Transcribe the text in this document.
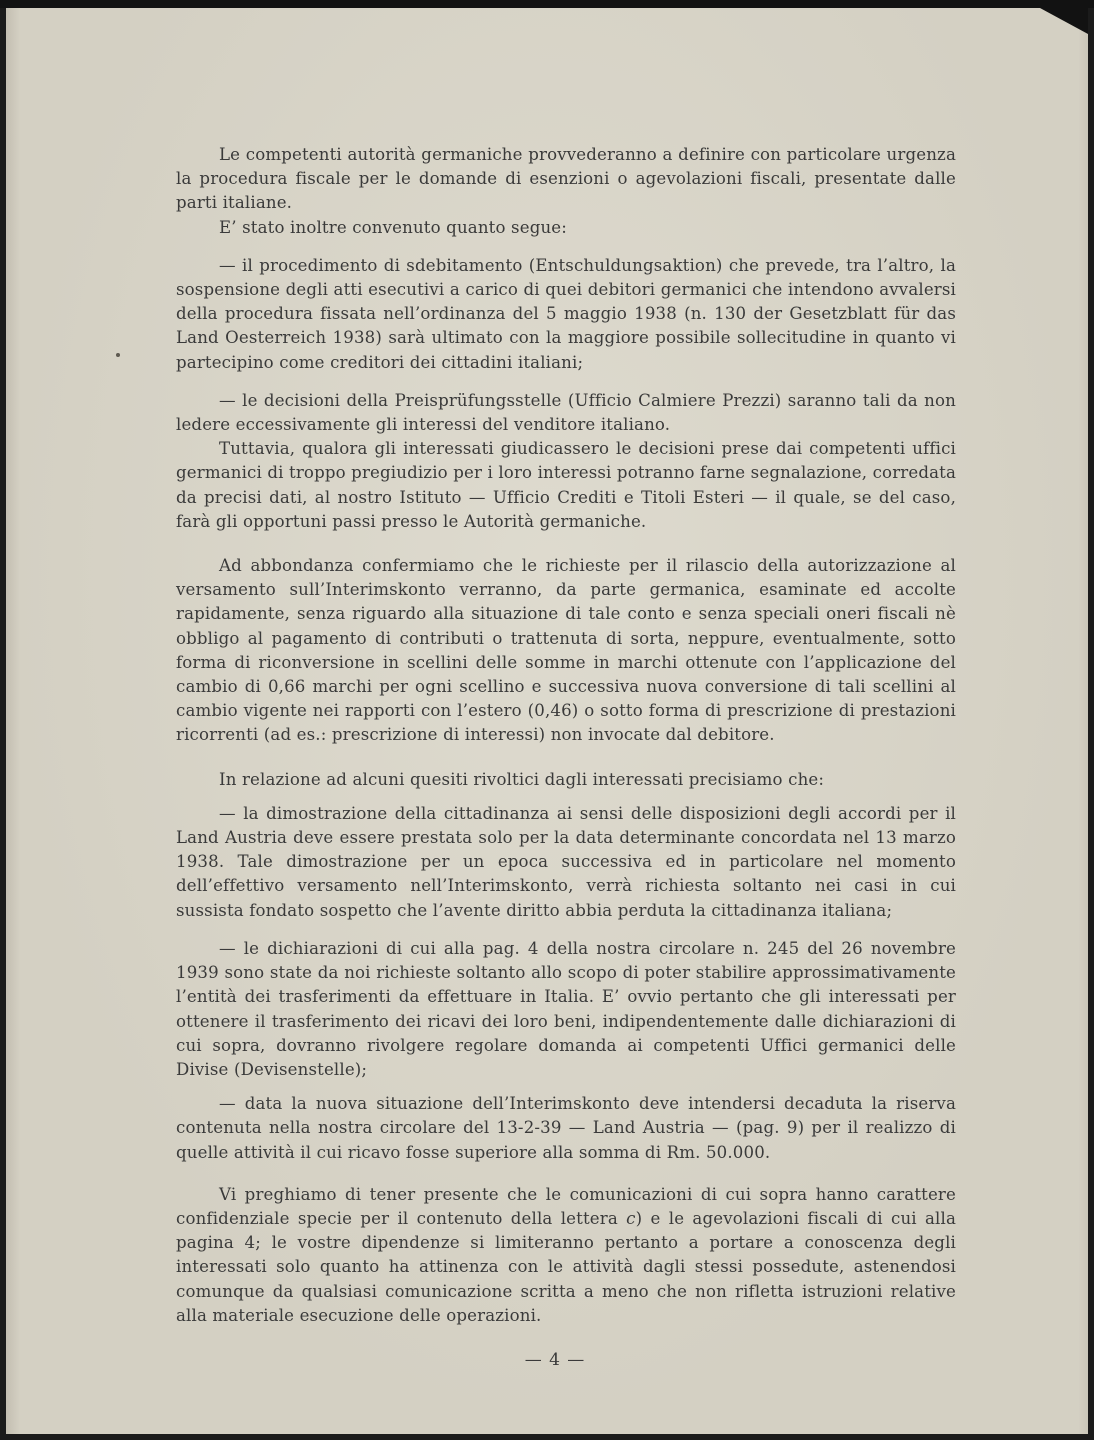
Le competenti autorità germaniche provvederanno a definire con particolare urgenza la procedura fiscale per le domande di esenzioni o agevolazioni fiscali, presentate dalle parti italiane.

E’ stato inoltre convenuto quanto segue:

— il procedimento di sdebitamento (Entschuldungsaktion) che prevede, tra l’altro, la sospensione degli atti esecutivi a carico di quei debitori germanici che intendono avvalersi della procedura fissata nell’ordinanza del 5 maggio 1938 (n. 130 der Gesetzblatt für das Land Oesterreich 1938) sarà ultimato con la maggiore possibile sollecitudine in quanto vi partecipino come creditori dei cittadini italiani;

— le decisioni della Preisprüfungsstelle (Ufficio Calmiere Prezzi) saranno tali da non ledere eccessivamente gli interessi del venditore italiano.

Tuttavia, qualora gli interessati giudicassero le decisioni prese dai competenti uffici germanici di troppo pregiudizio per i loro interessi potranno farne segnalazione, corredata da precisi dati, al nostro Istituto — Ufficio Crediti e Titoli Esteri — il quale, se del caso, farà gli opportuni passi presso le Autorità germaniche.

Ad abbondanza confermiamo che le richieste per il rilascio della autorizzazione al versamento sull’Interimskonto verranno, da parte germanica, esaminate ed accolte rapidamente, senza riguardo alla situazione di tale conto e senza speciali oneri fiscali nè obbligo al pagamento di contributi o trattenuta di sorta, neppure, eventualmente, sotto forma di riconversione in scellini delle somme in marchi ottenute con l’applicazione del cambio di 0,66 marchi per ogni scellino e successiva nuova conversione di tali scellini al cambio vigente nei rapporti con l’estero (0,46) o sotto forma di prescrizione di prestazioni ricorrenti (ad es.: prescrizione di interessi) non invocate dal debitore.

In relazione ad alcuni quesiti rivoltici dagli interessati precisiamo che:

— la dimostrazione della cittadinanza ai sensi delle disposizioni degli accordi per il Land Austria deve essere prestata solo per la data determinante concordata nel 13 marzo 1938. Tale dimostrazione per un epoca successiva ed in particolare nel momento dell’effettivo versamento nell’Interimskonto, verrà richiesta soltanto nei casi in cui sussista fondato sospetto che l’avente diritto abbia perduta la cittadinanza italiana;

— le dichiarazioni di cui alla pag. 4 della nostra circolare n. 245 del 26 novembre 1939 sono state da noi richieste soltanto allo scopo di poter stabilire approssimativamente l’entità dei trasferimenti da effettuare in Italia. E’ ovvio pertanto che gli interessati per ottenere il trasferimento dei ricavi dei loro beni, indipendentemente dalle dichiarazioni di cui sopra, dovranno rivolgere regolare domanda ai competenti Uffici germanici delle Divise (Devisenstelle);

— data la nuova situazione dell’Interimskonto deve intendersi decaduta la riserva contenuta nella nostra circolare del 13-2-39 — Land Austria — (pag. 9) per il realizzo di quelle attività il cui ricavo fosse superiore alla somma di Rm. 50.000.

Vi preghiamo di tener presente che le comunicazioni di cui sopra hanno carattere confidenziale specie per il contenuto della lettera c) e le agevolazioni fiscali di cui alla pagina 4; le vostre dipendenze si limiteranno pertanto a portare a conoscenza degli interessati solo quanto ha attinenza con le attività dagli stessi possedute, astenendosi comunque da qualsiasi comunicazione scritta a meno che non rifletta istruzioni relative alla materiale esecuzione delle operazioni.

— 4 —
